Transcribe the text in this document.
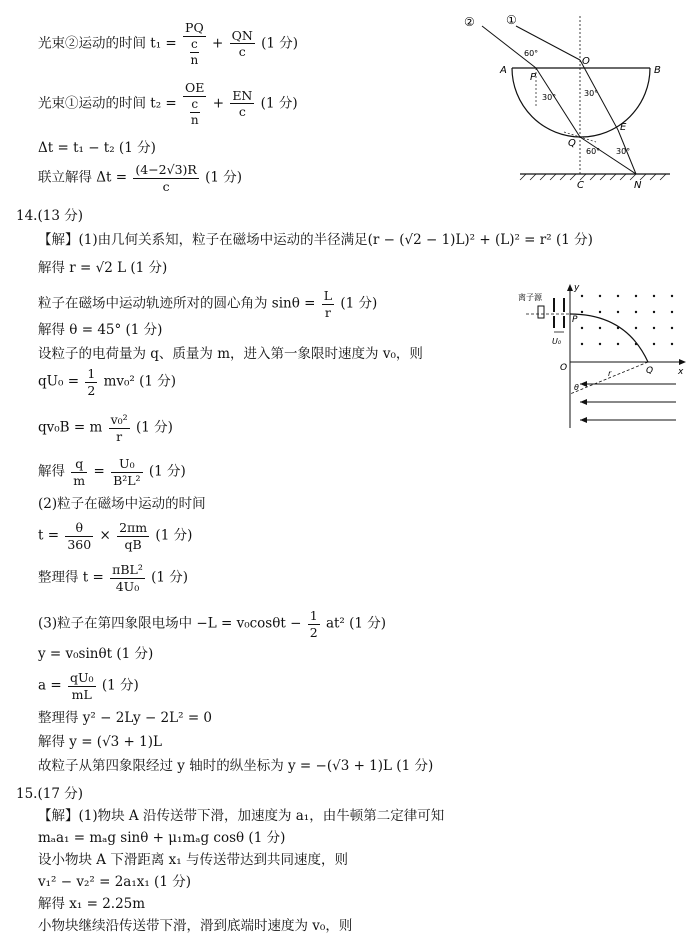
光束②运动的时间 $t_1 = \frac{PQ}{\frac{c}{n}} + \frac{QN}{c} (1$ 分)
光束①运动的时间 $t_2 = \frac{OE}{\frac{c}{n}} + \frac{EN}{c} (1$ 分)
Δt = t₁ − t₂ (1 分)
联立解得 $\Delta t = \frac{(4-2√3)R}{c} (1$ 分)
②	①
A	B
O
P
Q
E
C	N
60°
30°	30°
60° 30°
14.(13 分)
【解】(1)由几何关系知，粒子在磁场中运动的半径满足(r − (√2 − 1)L)² + (L)² = r² (1 分)
解得 r = √2 L (1 分)
粒子在磁场中运动轨迹所对的圆心角为 $\sin\theta = \frac{L}{r} (1$ 分)
解得 θ = 45° (1 分)
设粒子的电荷量为 q、质量为 m，进入第一象限时速度为 v₀，则
$qU_0 = \frac{1}{2} mv_0^2$ (1 分)
qv₀B = m $\frac{\text{v₀²}}{r} (1$ 分)
解得 $\frac{q}{m} = \frac{\text{U₀}}{\text{B²L²}} (1$ 分)
(2)粒子在磁场中运动的时间
$t = \frac{\theta}{360} \times \frac{2\pi m}{qB} (1$ 分)
整理得 $t = \frac{\text{πBL²}}{\text{4U₀}} (1$ 分)
(3)粒子在第四象限电场中 $-L = v_0\cos\theta t - \frac{1}{2} at^2$ (1 分)
y = v₀sinθt (1 分)
$a = \frac{\text{qU₀}}{mL} (1$ 分)
整理得 y² − 2Ly − 2L² = 0
解得 y = (√3 + 1)L
故粒子从第四象限经过 y 轴时的纵坐标为 y = −(√3 + 1)L (1 分)
y
离子源
P
U₀
O	Q	x
θ
r
15.(17 分)
【解】(1)物块 A 沿传送带下滑，加速度为 a₁，由牛顿第二定律可知
mₐa₁ = mₐg sinθ + μ₁mₐg cosθ (1 分)
设小物块 A 下滑距离 x₁ 与传送带达到共同速度，则
v₁² − v₂² = 2a₁x₁ (1 分)
解得 x₁ = 2.25m
小物块继续沿传送带下滑，滑到底端时速度为 v₀，则
